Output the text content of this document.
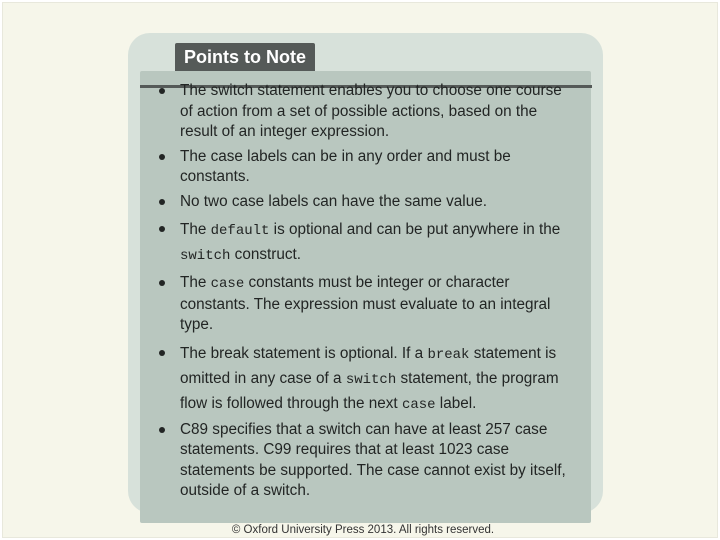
Points to Note
The switch statement enables you to choose one course of action from a set of possible actions, based on the result of an integer expression.
The case labels can be in any order and must be constants.
No two case labels can have the same value.
The default is optional and can be put anywhere in the switch construct.
The case constants must be integer or character constants. The expression must evaluate to an integral type.
The break statement is optional. If a break statement is omitted in any case of a switch statement, the program flow is followed through the next case label.
C89 specifies that a switch can have at least 257 case statements. C99 requires that at least 1023 case statements be supported. The case cannot exist by itself, outside of a switch.
© Oxford University Press 2013. All rights reserved.
